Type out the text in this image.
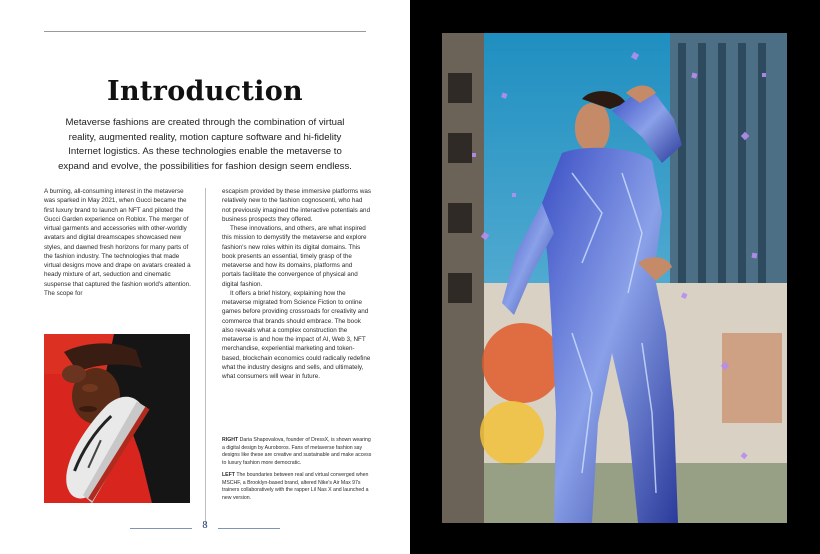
Introduction

Metaverse fashions are created through the combination of virtual reality, augmented reality, motion capture software and hi-fidelity Internet logistics. As these technologies enable the metaverse to expand and evolve, the possibilities for fashion design seem endless.

A burning, all-consuming interest in the metaverse was sparked in May 2021, when Gucci became the first luxury brand to launch an NFT and piloted the Gucci Garden experience on Roblox. The merger of virtual garments and accessories with other-worldly avatars and digital dreamscapes showcased new styles, and dawned fresh horizons for many parts of the fashion industry. The technologies that made virtual designs move and drape on avatars created a heady mixture of art, seduction and cinematic suspense that captured the fashion world's attention. The scope for

escapism provided by these immersive platforms was relatively new to the fashion cognoscenti, who had not previously imagined the interactive potentials and business prospects they offered.

These innovations, and others, are what inspired this mission to demystify the metaverse and explore fashion's new roles within its digital domains. This book presents an essential, timely grasp of the metaverse and how its domains, platforms and portals facilitate the convergence of physical and digital fashion.

It offers a brief history, explaining how the metaverse migrated from Science Fiction to online games before providing crossroads for creativity and commerce that brands should embrace. The book also reveals what a complex construction the metaverse is and how the impact of AI, Web 3, NFT merchandise, experiential marketing and token-based, blockchain economics could radically redefine what the industry designs and sells, and ultimately, what consumers will wear in future.

RIGHT Daria Shapovalova, founder of DressX, is shown wearing a digital design by Auroboros. Fans of metaverse fashion say designs like these are creative and sustainable and make access to luxury fashion more democratic.
LEFT The boundaries between real and virtual converged when MSCHF, a Brooklyn-based brand, altered Nike's Air Max 97s trainers collaboratively with the rapper Lil Nas X and launched a new version.
8
